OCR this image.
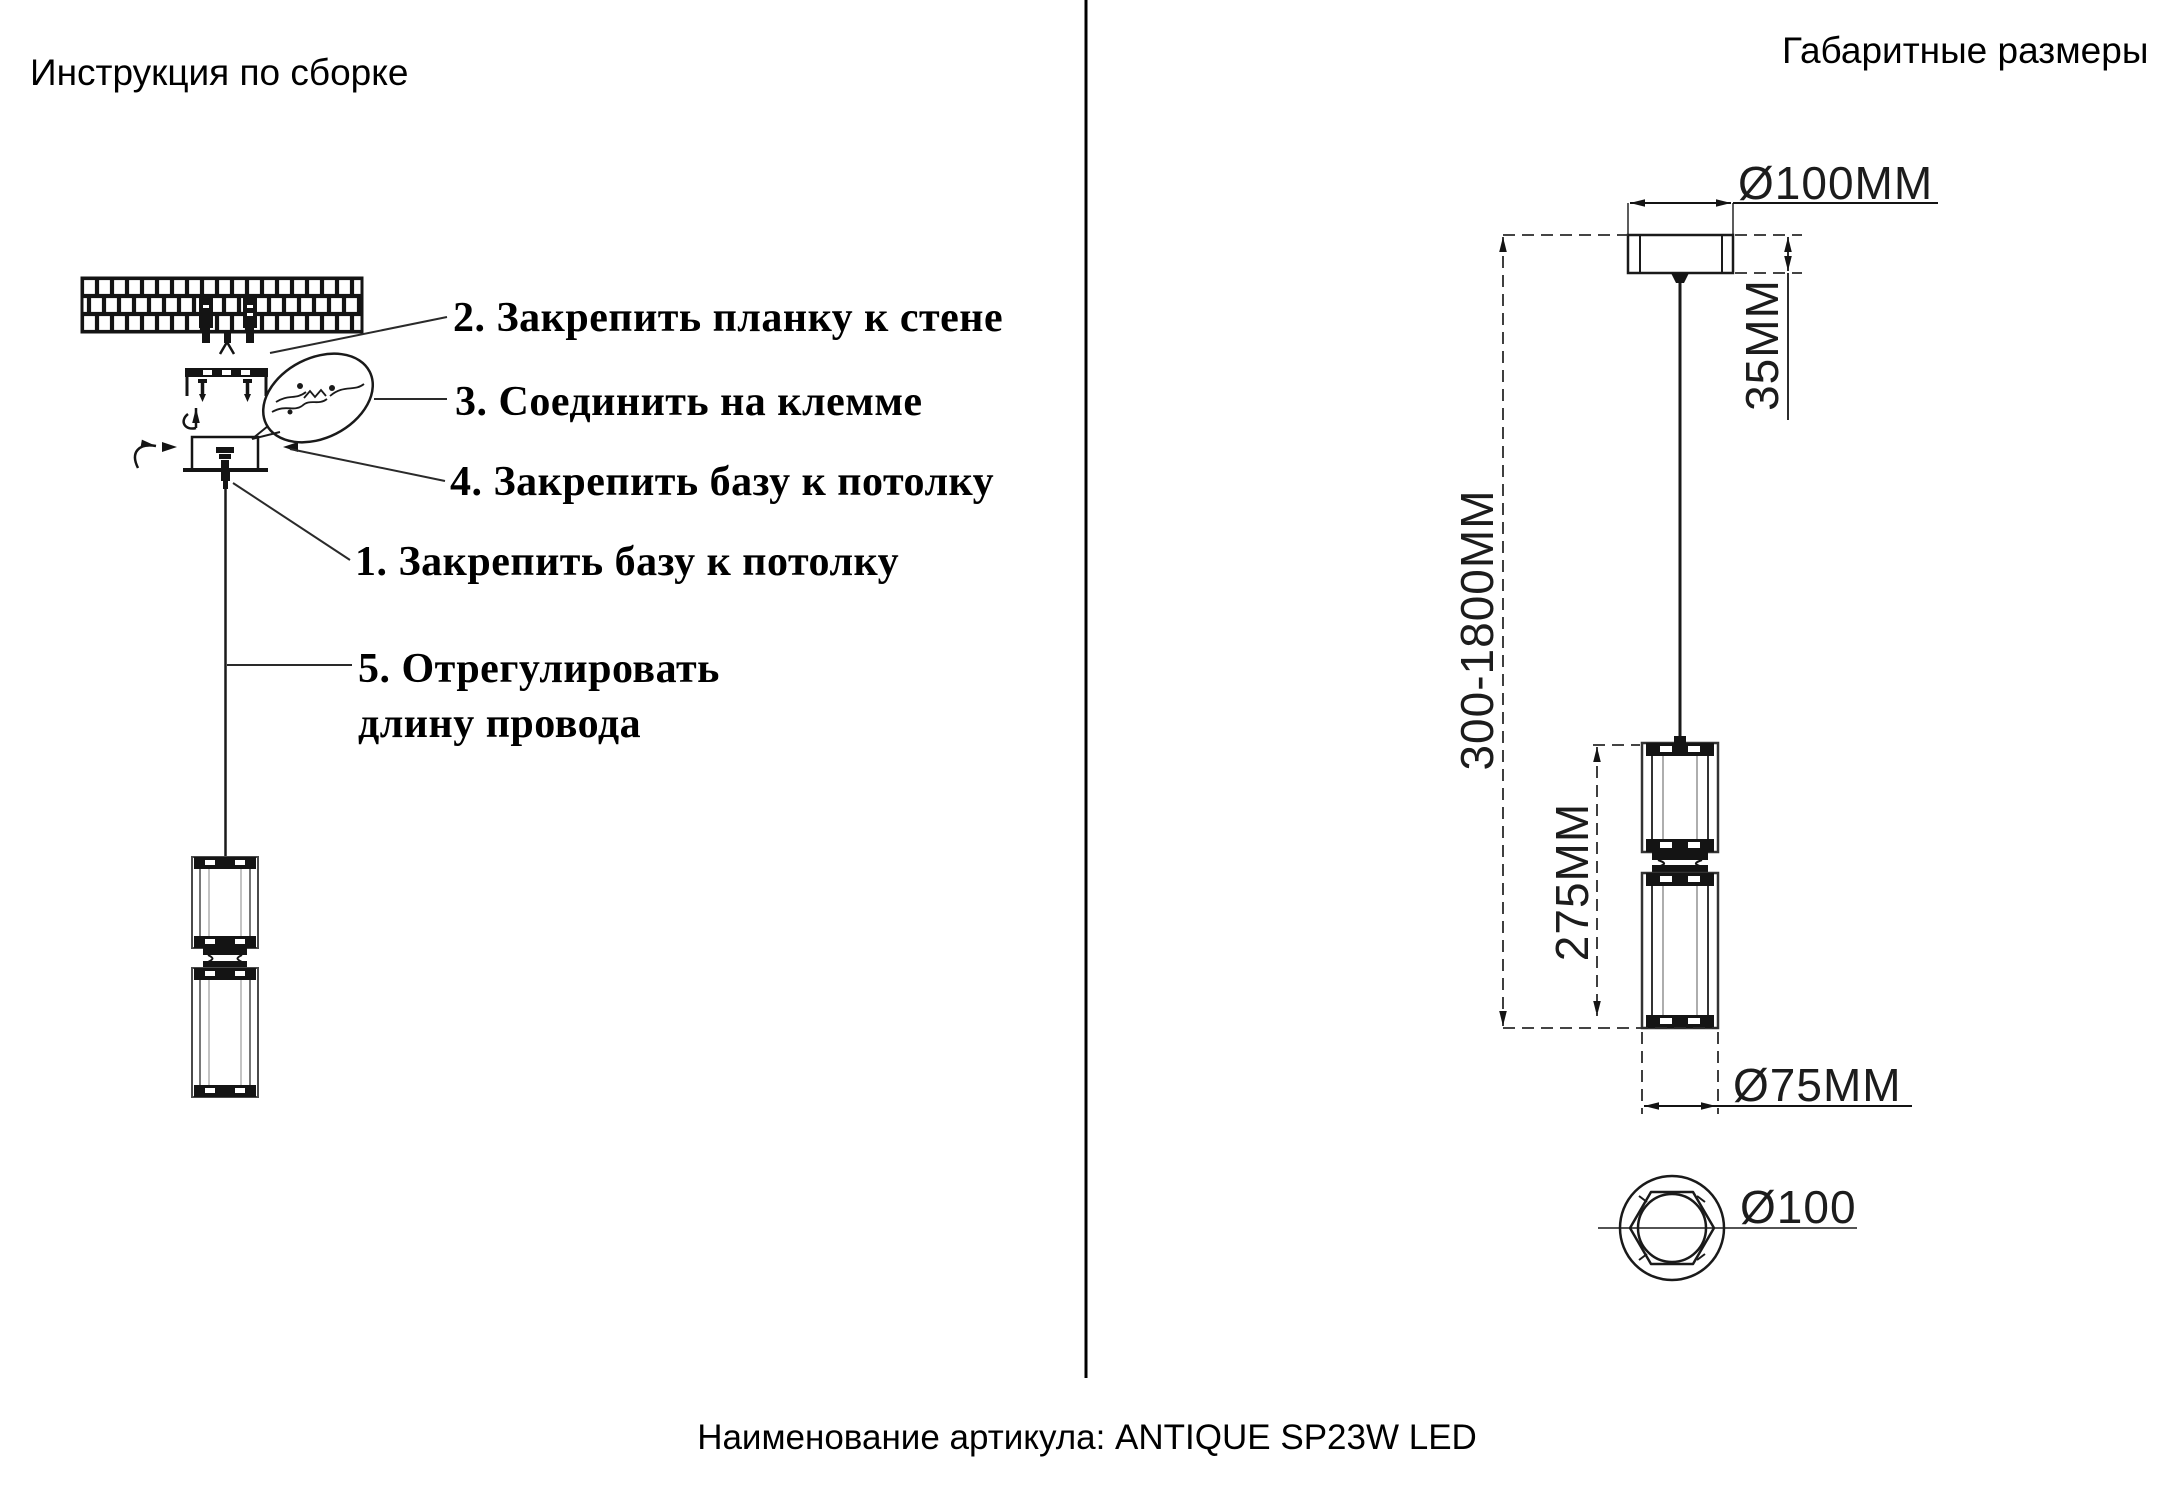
Инструкция по сборке
Габаритные размеры
2. Закрепить планку к стене
3. Соединить на клемме
4. Закрепить базу к потолку
1. Закрепить базу к потолку
5. Отрегулировать
длину провода
Ø100MM
35MM
300-1800MM
275MM
Ø75MM
Ø100
Наименование артикула: ANTIQUE SP23W LED
